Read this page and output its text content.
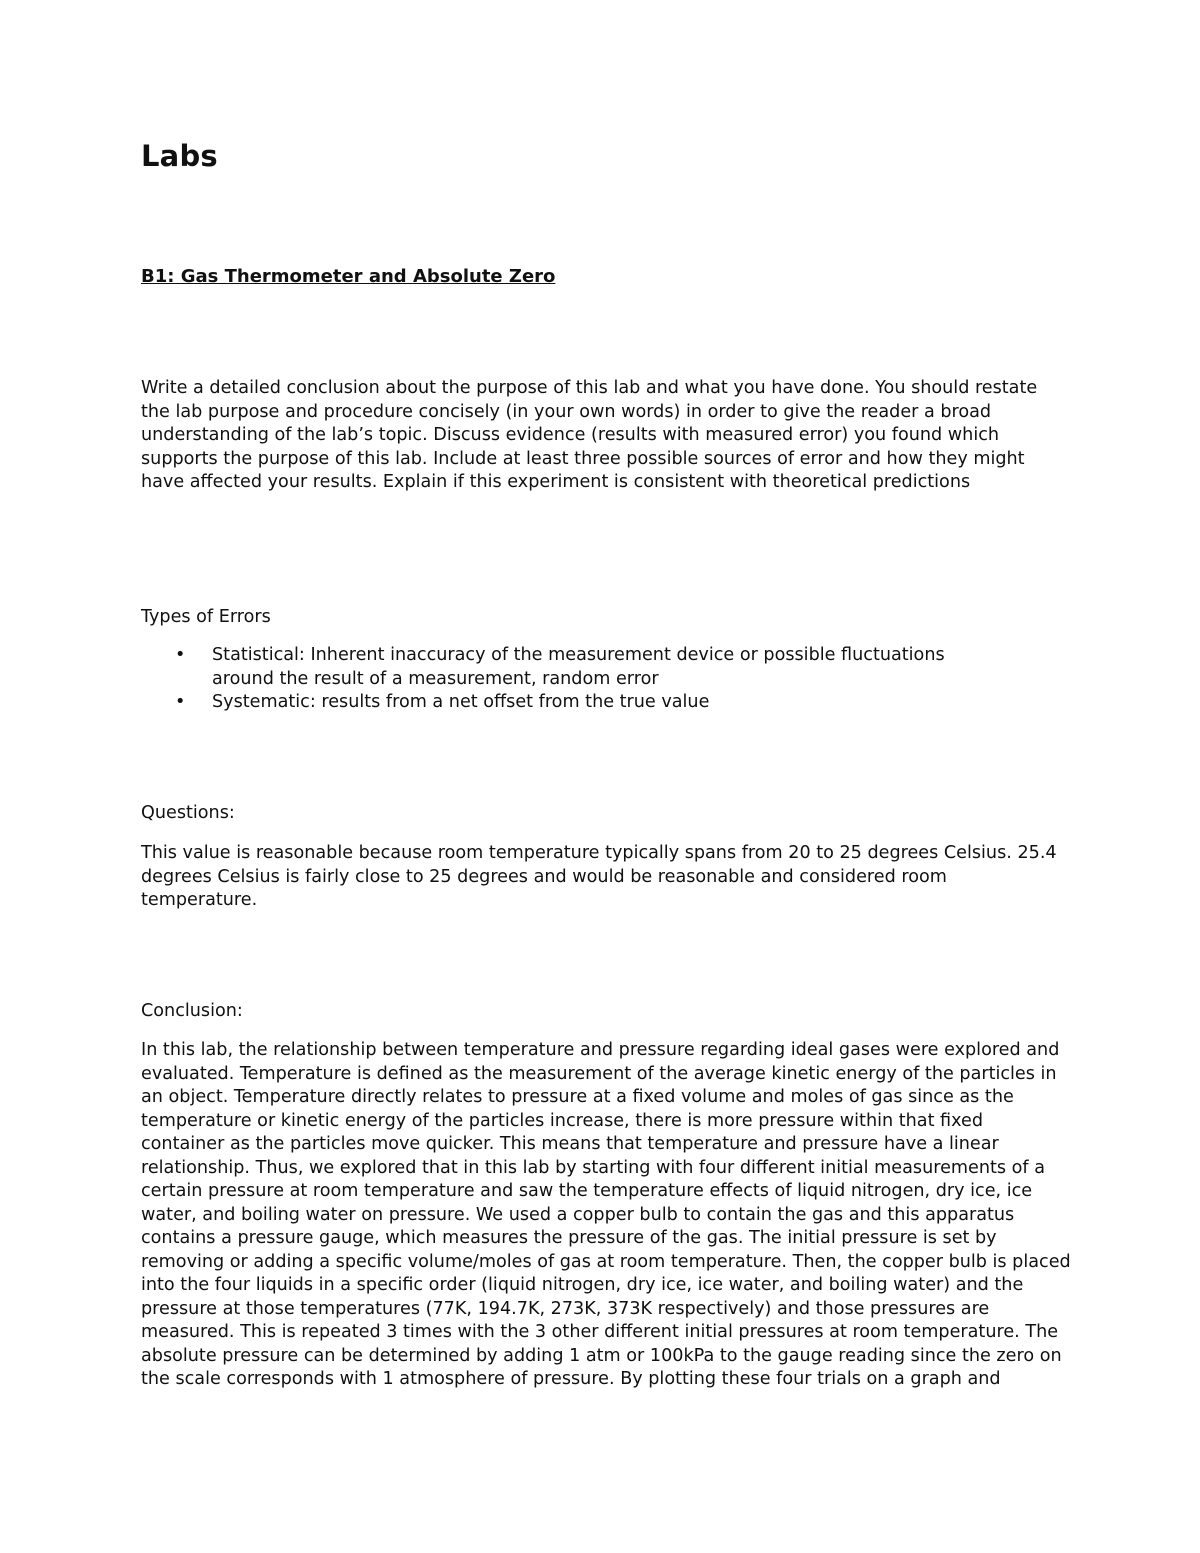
Labs
B1: Gas Thermometer and Absolute Zero

Write a detailed conclusion about the purpose of this lab and what you have done. You should restate the lab purpose and procedure concisely (in your own words) in order to give the reader a broad understanding of the lab’s topic. Discuss evidence (results with measured error) you found which supports the purpose of this lab. Include at least three possible sources of error and how they might have affected your results. Explain if this experiment is consistent with theoretical predictions

Types of Errors

• Statistical: Inherent inaccuracy of the measurement device or possible fluctuations around the result of a measurement, random error
• Systematic: results from a net offset from the true value

Questions:

This value is reasonable because room temperature typically spans from 20 to 25 degrees Celsius. 25.4 degrees Celsius is fairly close to 25 degrees and would be reasonable and considered room temperature.

Conclusion:

In this lab, the relationship between temperature and pressure regarding ideal gases were explored and evaluated. Temperature is defined as the measurement of the average kinetic energy of the particles in an object. Temperature directly relates to pressure at a fixed volume and moles of gas since as the temperature or kinetic energy of the particles increase, there is more pressure within that fixed container as the particles move quicker. This means that temperature and pressure have a linear relationship. Thus, we explored that in this lab by starting with four different initial measurements of a certain pressure at room temperature and saw the temperature effects of liquid nitrogen, dry ice, ice water, and boiling water on pressure. We used a copper bulb to contain the gas and this apparatus contains a pressure gauge, which measures the pressure of the gas. The initial pressure is set by removing or adding a specific volume/moles of gas at room temperature. Then, the copper bulb is placed into the four liquids in a specific order (liquid nitrogen, dry ice, ice water, and boiling water) and the pressure at those temperatures (77K, 194.7K, 273K, 373K respectively) and those pressures are measured. This is repeated 3 times with the 3 other different initial pressures at room temperature. The absolute pressure can be determined by adding 1 atm or 100kPa to the gauge reading since the zero on the scale corresponds with 1 atmosphere of pressure. By plotting these four trials on a graph and
